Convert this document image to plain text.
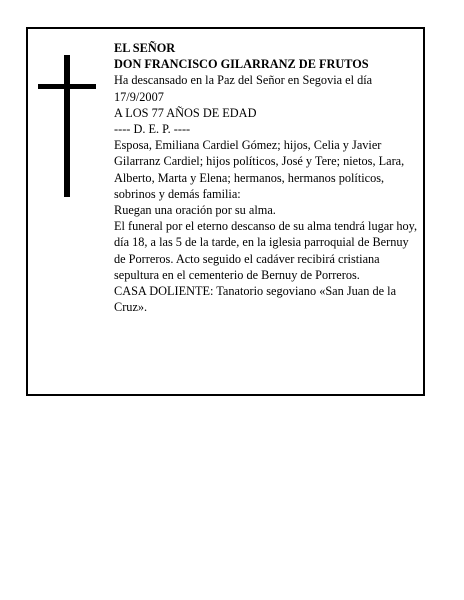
EL SEÑOR

DON FRANCISCO GILARRANZ DE FRUTOS

Ha descansado en la Paz del Señor en Segovia el día 17/9/2007

A LOS 77 AÑOS DE EDAD

---- D. E. P. ----

Esposa, Emiliana Cardiel Gómez; hijos, Celia y Javier Gilarranz Cardiel; hijos políticos, José y Tere; nietos, Lara, Alberto, Marta y Elena; hermanos, hermanos políticos, sobrinos y demás familia:

Ruegan una oración por su alma.

El funeral por el eterno descanso de su alma tendrá lugar hoy, día 18, a las 5 de la tarde, en la iglesia parroquial de Bernuy de Porreros. Acto seguido el cadáver recibirá cristiana sepultura en el cementerio de Bernuy de Porreros.

CASA DOLIENTE: Tanatorio segoviano «San Juan de la Cruz».
